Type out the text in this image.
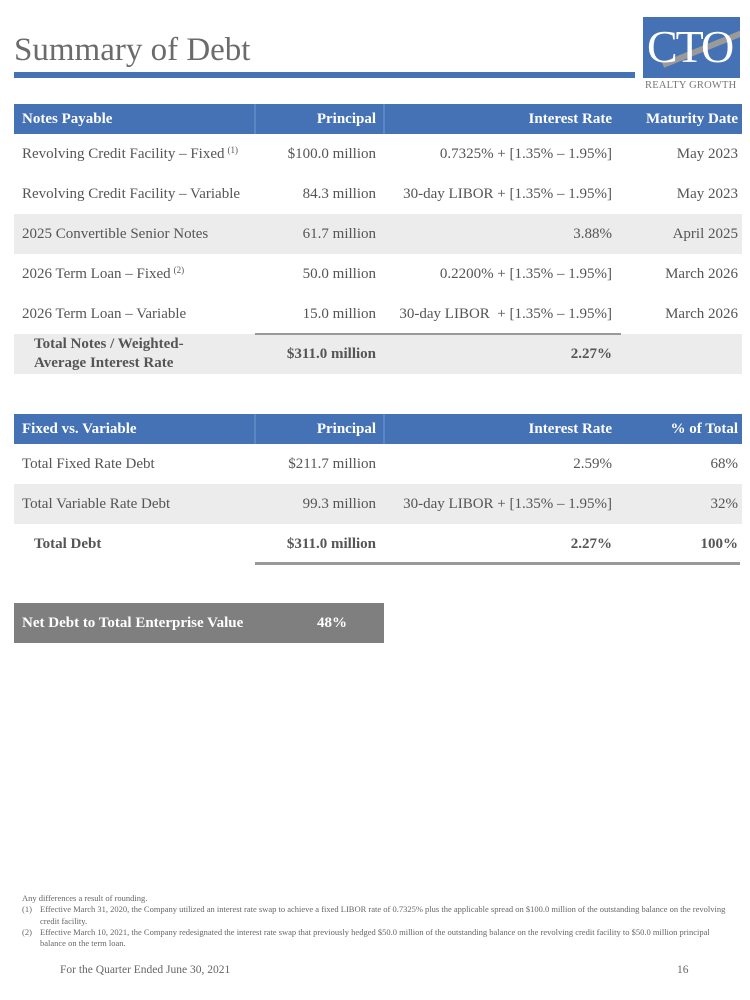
Summary of Debt	CTO
REALTY GROWTH
Notes Payable	Principal	Interest Rate	Maturity Date
Revolving Credit Facility – Fixed $^{(1)}$	$100.0 million	0.7325% + [1.35% – 1.95%]	May 2023
Revolving Credit Facility – Variable	84.3 million	30-day LIBOR + [1.35% – 1.95%]	May 2023
2025 Convertible Senior Notes	61.7 million	3.88%	April 2025
2026 Term Loan – Fixed $^{(2)}$	50.0 million	0.2200% + [1.35% – 1.95%]	March 2026
2026 Term Loan – Variable	15.0 million	30-day LIBOR  + [1.35% – 1.95%]	March 2026
Total Notes / Weighted-
Average Interest Rate
$311.0 million	2.27%
Fixed vs. Variable	Principal	Interest Rate	% of Total
Total Fixed Rate Debt	$211.7 million	2.59%	68%
Total Variable Rate Debt	99.3 million	30-day LIBOR + [1.35% – 1.95%]	32%
Total Debt	$311.0 million	2.27%	100%
Net Debt to Total Enterprise Value	48%
Any differences a result of rounding.
(1) Effective March 31, 2020, the Company utilized an interest rate swap to achieve a fixed LIBOR rate of 0.7325% plus the applicable spread on $100.0 million of the outstanding balance on the revolving credit facility.
(2) Effective March 10, 2021, the Company redesignated the interest rate swap that previously hedged $50.0 million of the outstanding balance on the revolving credit facility to $50.0 million principal balance on the term loan.
For the Quarter Ended June 30, 2021	16
